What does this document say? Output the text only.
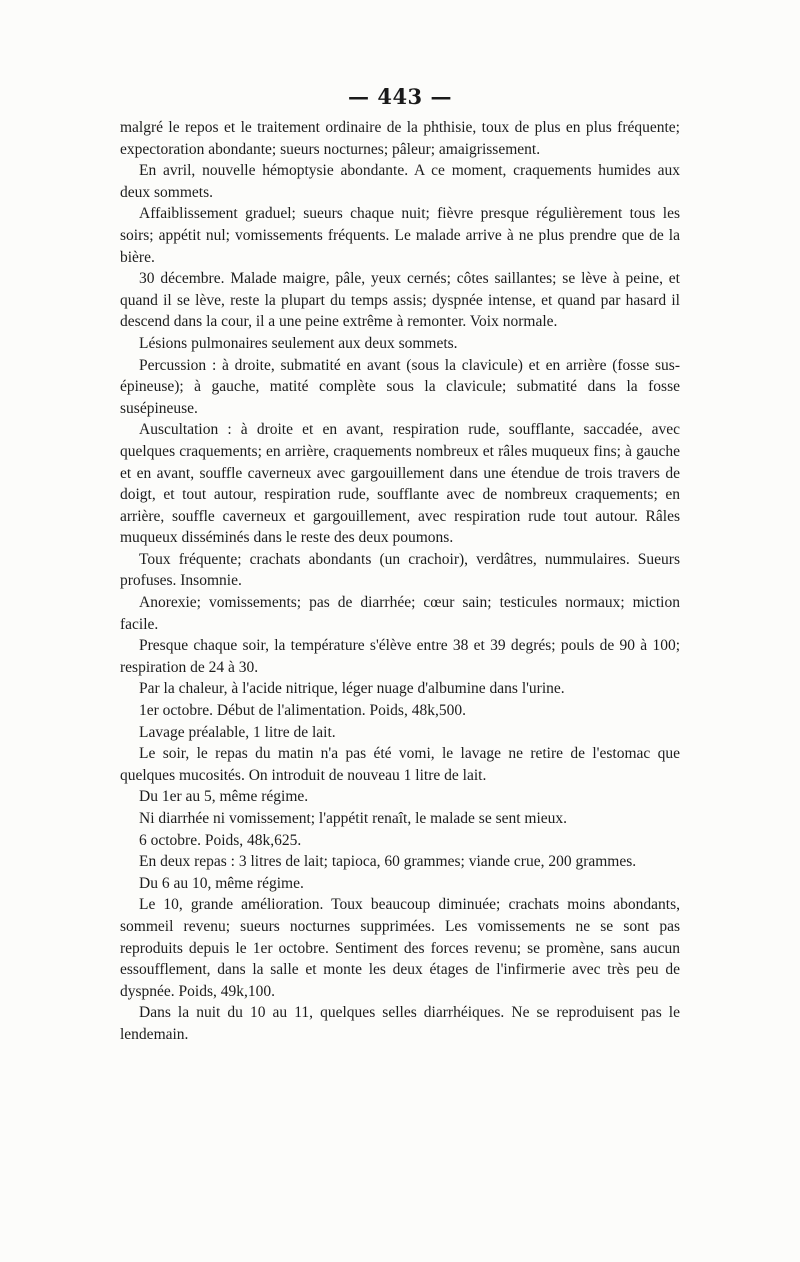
— 443 —

malgré le repos et le traitement ordinaire de la phthisie, toux de plus en plus fréquente; expectoration abondante; sueurs nocturnes; pâleur; amaigrissement.

En avril, nouvelle hémoptysie abondante. A ce moment, craquements humides aux deux sommets.

Affaiblissement graduel; sueurs chaque nuit; fièvre presque régulièrement tous les soirs; appétit nul; vomissements fréquents. Le malade arrive à ne plus prendre que de la bière.

30 décembre. Malade maigre, pâle, yeux cernés; côtes saillantes; se lève à peine, et quand il se lève, reste la plupart du temps assis; dyspnée intense, et quand par hasard il descend dans la cour, il a une peine extrême à remonter. Voix normale.

Lésions pulmonaires seulement aux deux sommets.

Percussion : à droite, submatité en avant (sous la clavicule) et en arrière (fosse sus-épineuse); à gauche, matité complète sous la clavicule; submatité dans la fosse susépineuse.

Auscultation : à droite et en avant, respiration rude, soufflante, saccadée, avec quelques craquements; en arrière, craquements nombreux et râles muqueux fins; à gauche et en avant, souffle caverneux avec gargouillement dans une étendue de trois travers de doigt, et tout autour, respiration rude, soufflante avec de nombreux craquements; en arrière, souffle caverneux et gargouillement, avec respiration rude tout autour. Râles muqueux disséminés dans le reste des deux poumons.

Toux fréquente; crachats abondants (un crachoir), verdâtres, nummulaires. Sueurs profuses. Insomnie.

Anorexie; vomissements; pas de diarrhée; cœur sain; testicules normaux; miction facile.

Presque chaque soir, la température s'élève entre 38 et 39 degrés; pouls de 90 à 100; respiration de 24 à 30.

Par la chaleur, à l'acide nitrique, léger nuage d'albumine dans l'urine.

1er octobre. Début de l'alimentation. Poids, 48k,500.

Lavage préalable, 1 litre de lait.

Le soir, le repas du matin n'a pas été vomi, le lavage ne retire de l'estomac que quelques mucosités. On introduit de nouveau 1 litre de lait.

Du 1er au 5, même régime.

Ni diarrhée ni vomissement; l'appétit renaît, le malade se sent mieux.

6 octobre. Poids, 48k,625.

En deux repas : 3 litres de lait; tapioca, 60 grammes; viande crue, 200 grammes.

Du 6 au 10, même régime.

Le 10, grande amélioration. Toux beaucoup diminuée; crachats moins abondants, sommeil revenu; sueurs nocturnes supprimées. Les vomissements ne se sont pas reproduits depuis le 1er octobre. Sentiment des forces revenu; se promène, sans aucun essoufflement, dans la salle et monte les deux étages de l'infirmerie avec très peu de dyspnée. Poids, 49k,100.

Dans la nuit du 10 au 11, quelques selles diarrhéiques. Ne se reproduisent pas le lendemain.
